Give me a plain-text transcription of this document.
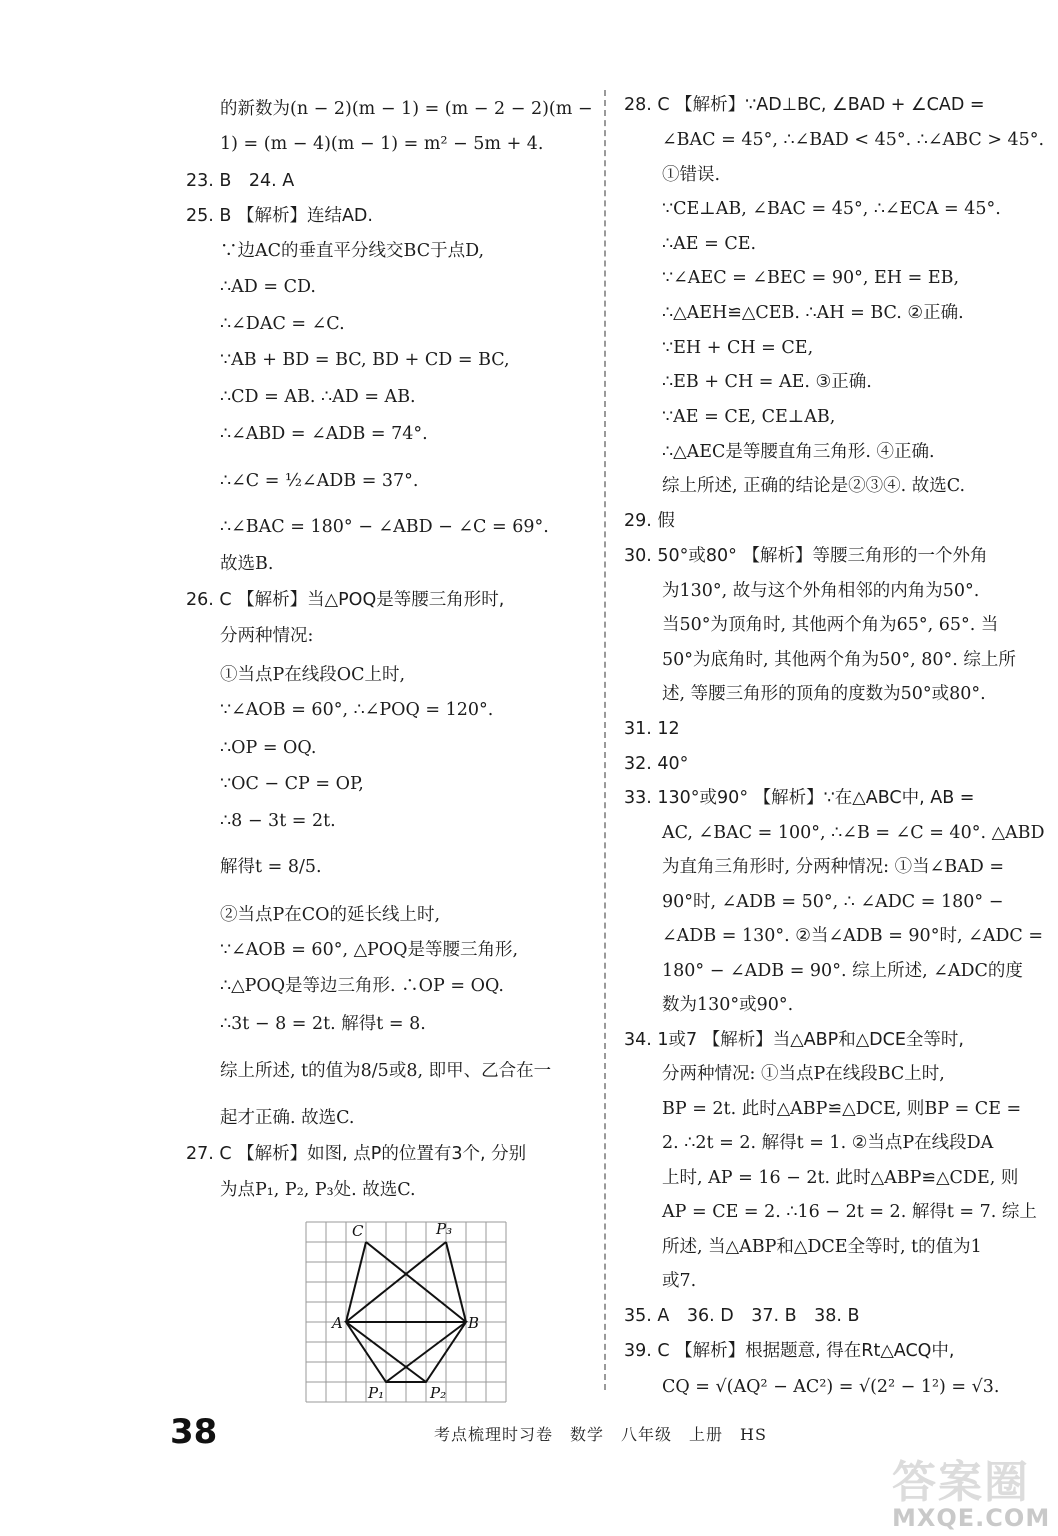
的新数为(n − 2)(m − 1) = (m − 2 − 2)(m −
1) = (m − 4)(m − 1) = m² − 5m + 4.
23. B　24. A
25. B 【解析】连结AD.
∵边AC的垂直平分线交BC于点D,
∴AD = CD.
∴∠DAC = ∠C.
∵AB + BD = BC, BD + CD = BC,
∴CD = AB. ∴AD = AB.
∴∠ABD = ∠ADB = 74°.
∴∠C = ½∠ADB = 37°.
∴∠BAC = 180° − ∠ABD − ∠C = 69°.
故选B.
26. C 【解析】当△POQ是等腰三角形时,
分两种情况:
①当点P在线段OC上时,
∵∠AOB = 60°, ∴∠POQ = 120°.
∴OP = OQ.
∵OC − CP = OP,
∴8 − 3t = 2t.
解得t = 8/5.
②当点P在CO的延长线上时,
∵∠AOB = 60°, △POQ是等腰三角形,
∴△POQ是等边三角形. ∴OP = OQ.
∴3t − 8 = 2t. 解得t = 8.
综上所述, t的值为8/5或8, 即甲、乙合在一
起才正确. 故选C.
27. C 【解析】如图, 点P的位置有3个, 分别
为点P₁, P₂, P₃处. 故选C.
28. C 【解析】∵AD⊥BC, ∠BAD + ∠CAD =
∠BAC = 45°, ∴∠BAD < 45°. ∴∠ABC > 45°.
①错误.
∵CE⊥AB, ∠BAC = 45°, ∴∠ECA = 45°.
∴AE = CE.
∵∠AEC = ∠BEC = 90°, EH = EB,
∴△AEH≌△CEB. ∴AH = BC. ②正确.
∵EH + CH = CE,
∴EB + CH = AE. ③正确.
∵AE = CE, CE⊥AB,
∴△AEC是等腰直角三角形. ④正确.
综上所述, 正确的结论是②③④. 故选C.
29. 假
30. 50°或80° 【解析】等腰三角形的一个外角
为130°, 故与这个外角相邻的内角为50°.
当50°为顶角时, 其他两个角为65°, 65°. 当
50°为底角时, 其他两个角为50°, 80°. 综上所
述, 等腰三角形的顶角的度数为50°或80°.
31. 12
32. 40°
33. 130°或90° 【解析】∵在△ABC中, AB =
AC, ∠BAC = 100°, ∴∠B = ∠C = 40°. △ABD
为直角三角形时, 分两种情况: ①当∠BAD =
90°时, ∠ADB = 50°, ∴ ∠ADC = 180° −
∠ADB = 130°. ②当∠ADB = 90°时, ∠ADC =
180° − ∠ADB = 90°. 综上所述, ∠ADC的度
数为130°或90°.
34. 1或7 【解析】当△ABP和△DCE全等时,
分两种情况: ①当点P在线段BC上时,
BP = 2t. 此时△ABP≌△DCE, 则BP = CE =
2. ∴2t = 2. 解得t = 1. ②当点P在线段DA
上时, AP = 16 − 2t. 此时△ABP≌△CDE, 则
AP = CE = 2. ∴16 − 2t = 2. 解得t = 7. 综上
所述, 当△ABP和△DCE全等时, t的值为1
或7.
35. A　36. D　37. B　38. B
39. C 【解析】根据题意, 得在Rt△ACQ中,
CQ = √(AQ² − AC²) = √(2² − 1²) = √3.
C	P₃
A	B
P₁	P₂
38	考点梳理时习卷　数学　八年级　上册　HS
答案圈
MXQE.COM
